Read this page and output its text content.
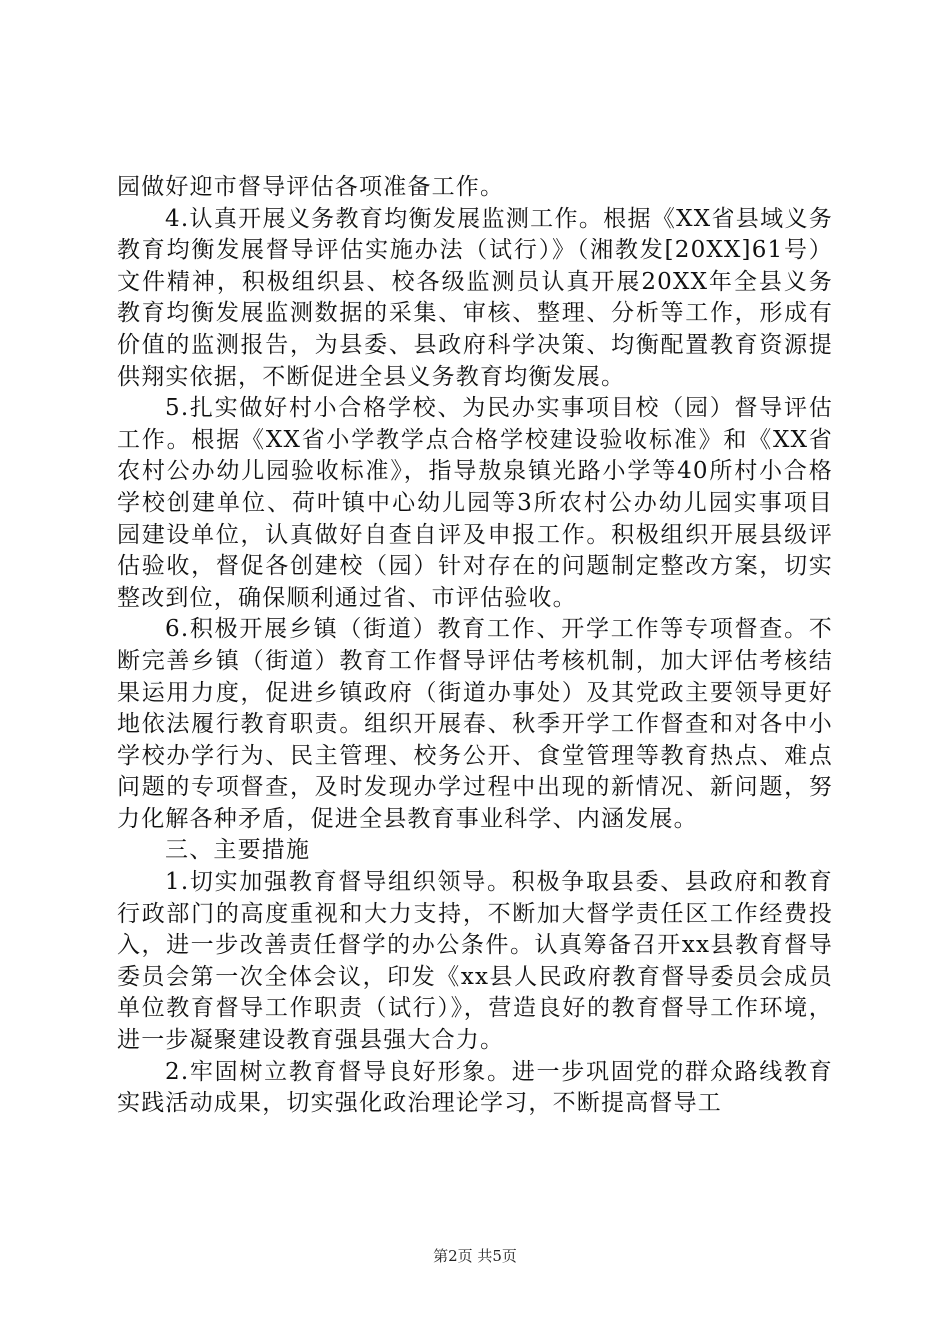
园做好迎市督导评估各项准备工作。

4.认真开展义务教育均衡发展监测工作。根据《XX省县域义务教育均衡发展督导评估实施办法（试行）》（湘教发[20XX]61号）文件精神，积极组织县、校各级监测员认真开展20XX年全县义务教育均衡发展监测数据的采集、审核、整理、分析等工作，形成有价值的监测报告，为县委、县政府科学决策、均衡配置教育资源提供翔实依据，不断促进全县义务教育均衡发展。

5.扎实做好村小合格学校、为民办实事项目校（园）督导评估工作。根据《XX省小学教学点合格学校建设验收标准》和《XX省农村公办幼儿园验收标准》，指导敖泉镇光路小学等40所村小合格学校创建单位、荷叶镇中心幼儿园等3所农村公办幼儿园实事项目园建设单位，认真做好自查自评及申报工作。积极组织开展县级评估验收，督促各创建校（园）针对存在的问题制定整改方案，切实整改到位，确保顺利通过省、市评估验收。

6.积极开展乡镇（街道）教育工作、开学工作等专项督查。不断完善乡镇（街道）教育工作督导评估考核机制，加大评估考核结果运用力度，促进乡镇政府（街道办事处）及其党政主要领导更好地依法履行教育职责。组织开展春、秋季开学工作督查和对各中小学校办学行为、民主管理、校务公开、食堂管理等教育热点、难点问题的专项督查，及时发现办学过程中出现的新情况、新问题，努力化解各种矛盾，促进全县教育事业科学、内涵发展。

三、主要措施

1.切实加强教育督导组织领导。积极争取县委、县政府和教育行政部门的高度重视和大力支持，不断加大督学责任区工作经费投入，进一步改善责任督学的办公条件。认真筹备召开xx县教育督导委员会第一次全体会议，印发《xx县人民政府教育督导委员会成员单位教育督导工作职责（试行）》，营造良好的教育督导工作环境，进一步凝聚建设教育强县强大合力。

2.牢固树立教育督导良好形象。进一步巩固党的群众路线教育实践活动成果，切实强化政治理论学习，不断提高督导工

第2页 共5页
